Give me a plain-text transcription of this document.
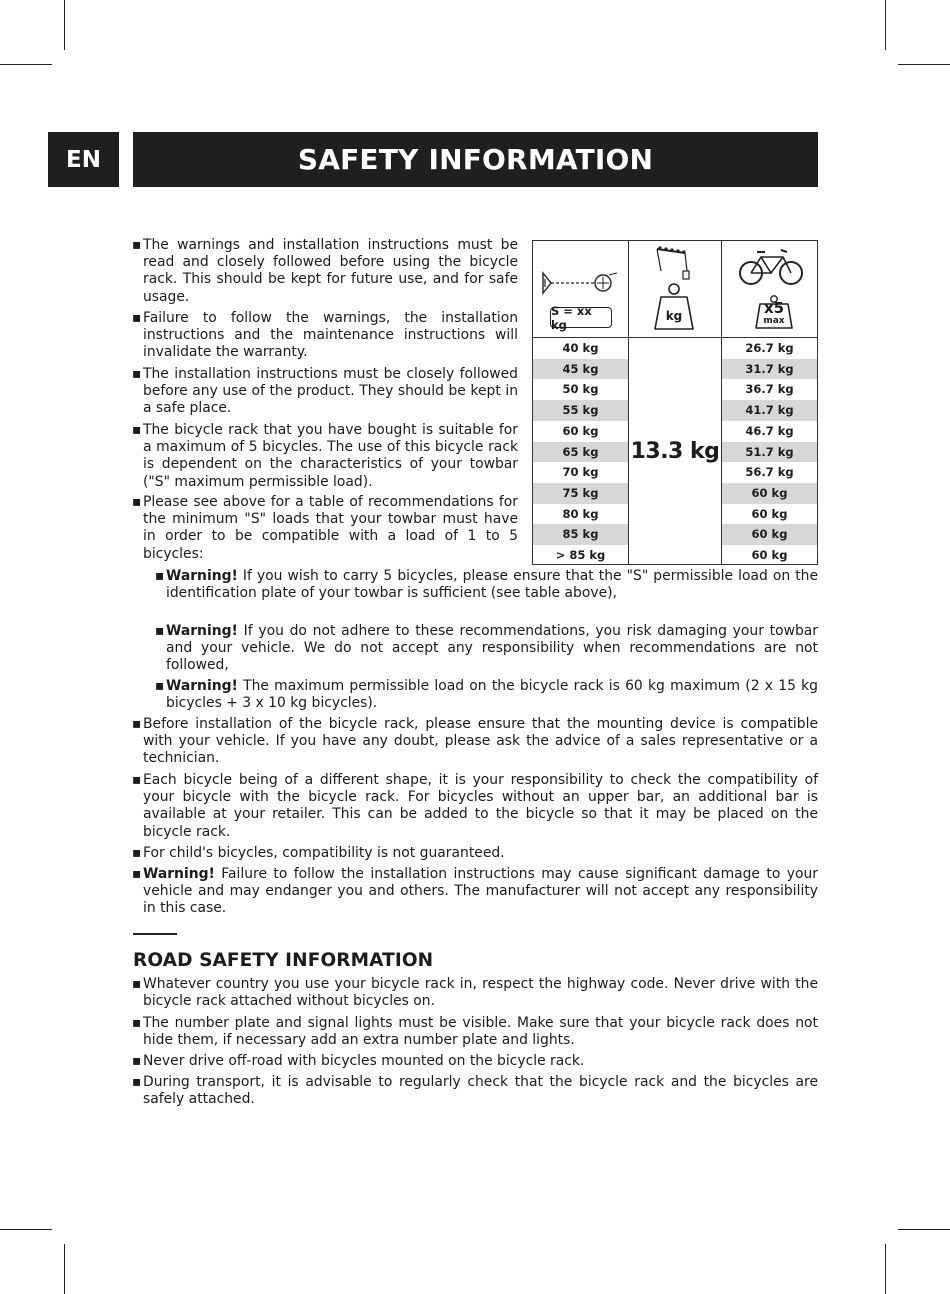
EN	SAFETY INFORMATION
▪ The warnings and installation instructions must be read and closely followed before using the bicycle rack. This should be kept for future use, and for safe usage.
▪ Failure to follow the warnings, the installation instructions and the maintenance instructions will invalidate the warranty.
▪ The installation instructions must be closely followed before any use of the product. They should be kept in a safe place.
▪ The bicycle rack that you have bought is suitable for a maximum of 5 bicycles. The use of this bicycle rack is dependent on the characteristics of your towbar ("S" maximum permissible load).
▪ Please see above for a table of recommendations for the minimum "S" loads that your towbar must have in order to be compatible with a load of 1 to 5 bicycles:
▪ Warning! If you wish to carry 5 bicycles, please ensure that the "S" permissible load on the identification plate of your towbar is sufficient (see table above),
▪ Warning! If you do not adhere to these recommendations, you risk damaging your towbar and your vehicle. We do not accept any responsibility when recommendations are not followed,
▪ Warning! The maximum permissible load on the bicycle rack is 60 kg maximum (2 x 15 kg bicycles + 3 x 10 kg bicycles).
▪ Before installation of the bicycle rack, please ensure that the mounting device is compatible with your vehicle. If you have any doubt, please ask the advice of a sales representative or a technician.
▪ Each bicycle being of a different shape, it is your responsibility to check the compatibility of your bicycle with the bicycle rack. For bicycles without an upper bar, an additional bar is available at your retailer. This can be added to the bicycle so that it may be placed on the bicycle rack.
▪ For child's bicycles, compatibility is not guaranteed.
▪ Warning! Failure to follow the installation instructions may cause significant damage to your vehicle and may endanger you and others. The manufacturer will not accept any responsibility in this case.
ROAD SAFETY INFORMATION
▪ Whatever country you use your bicycle rack in, respect the highway code. Never drive with the bicycle rack attached without bicycles on.
▪ The number plate and signal lights must be visible. Make sure that your bicycle rack does not hide them, if necessary add an extra number plate and lights.
▪ Never drive off-road with bicycles mounted on the bicycle rack.
▪ During transport, it is advisable to regularly check that the bicycle rack and the bicycles are safely attached.
S = xx kg
kg	x5
max
40 kg	26.7 kg
45 kg	31.7 kg
50 kg	36.7 kg
55 kg	41.7 kg
60 kg	46.7 kg
65 kg	51.7 kg
70 kg	56.7 kg
75 kg	60 kg
80 kg	60 kg
85 kg	60 kg
> 85 kg	60 kg
13.3 kg
